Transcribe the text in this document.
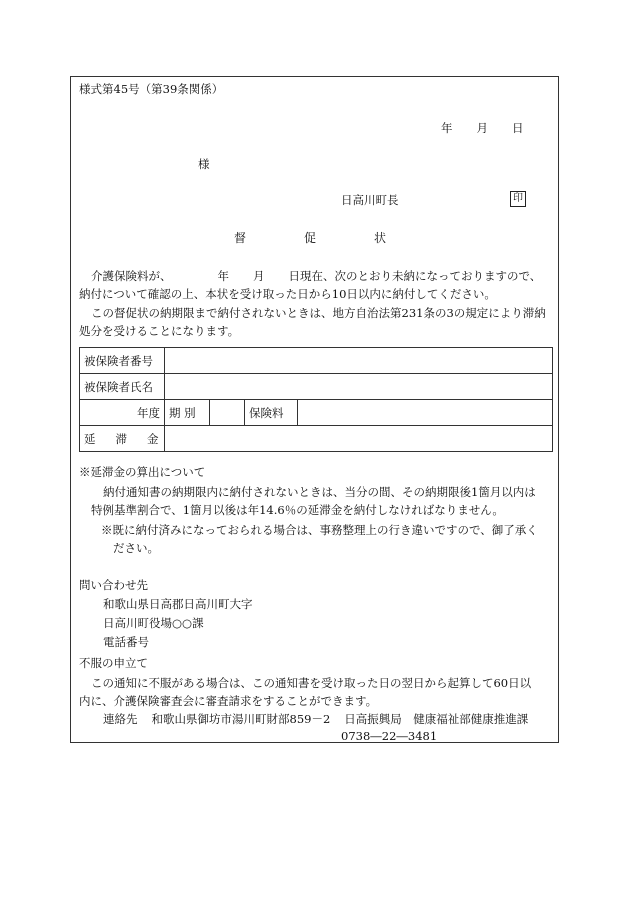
様式第45号（第39条関係）
年 月 日
様
日高川町長	印
督	促	状
介護保険料が、	年 月 日現在、次のとおり未納になっておりますので、
納付について確認の上、本状を受け取った日から10日以内に納付してください。
この督促状の納期限まで納付されないときは、地方自治法第231条の3の規定により滞納
処分を受けることになります。
被保険者番号				
被保険者氏名				
年度	期 別		保険料	
延 滞 金				
※延滞金の算出について
納付通知書の納期限内に納付されないときは、当分の間、その納期限後1箇月以内は
特例基準割合で、1箇月以後は年14.6％の延滞金を納付しなければなりません。
※既に納付済みになっておられる場合は、事務整理上の行き違いですので、御了承く
ださい。
問い合わせ先
和歌山県日高郡日高川町大字
日高川町役場○○課
電話番号
不服の申立て
この通知に不服がある場合は、この通知書を受け取った日の翌日から起算して60日以
内に、介護保険審査会に審査請求をすることができます。
連絡先 和歌山県御坊市湯川町財部859－2 日高振興局　健康福祉部健康推進課
0738―22―3481
